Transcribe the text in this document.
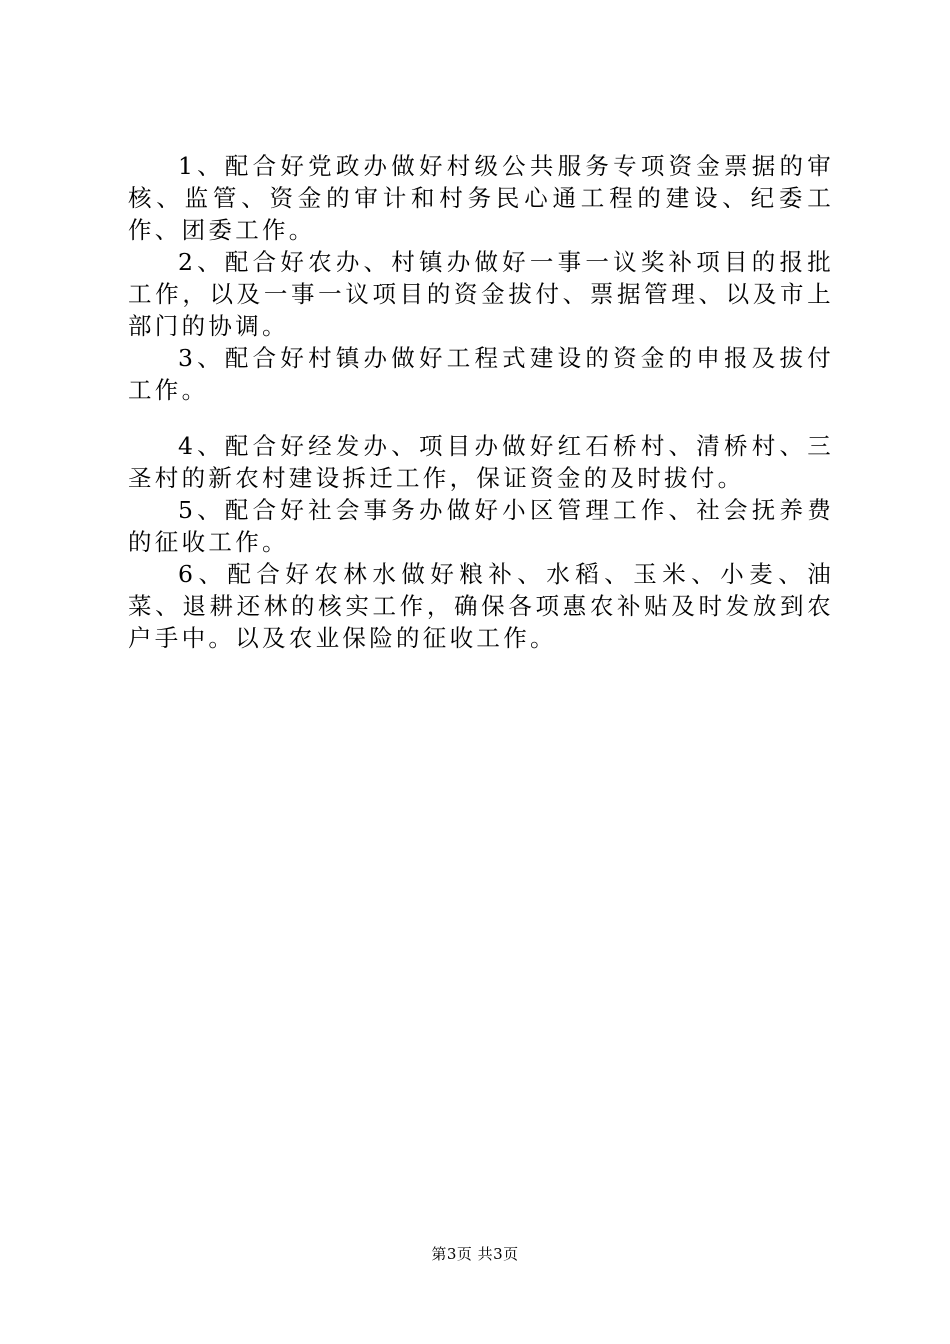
1、配合好党政办做好村级公共服务专项资金票据的审核、监管、资金的审计和村务民心通工程的建设、纪委工作、团委工作。

2、配合好农办、村镇办做好一事一议奖补项目的报批工作，以及一事一议项目的资金拔付、票据管理、以及市上部门的协调。

3、配合好村镇办做好工程式建设的资金的申报及拔付工作。

4、配合好经发办、项目办做好红石桥村、清桥村、三圣村的新农村建设拆迁工作，保证资金的及时拔付。

5、配合好社会事务办做好小区管理工作、社会抚养费的征收工作。

6、配合好农林水做好粮补、水稻、玉米、小麦、油菜、退耕还林的核实工作，确保各项惠农补贴及时发放到农户手中。以及农业保险的征收工作。

第3页 共3页
